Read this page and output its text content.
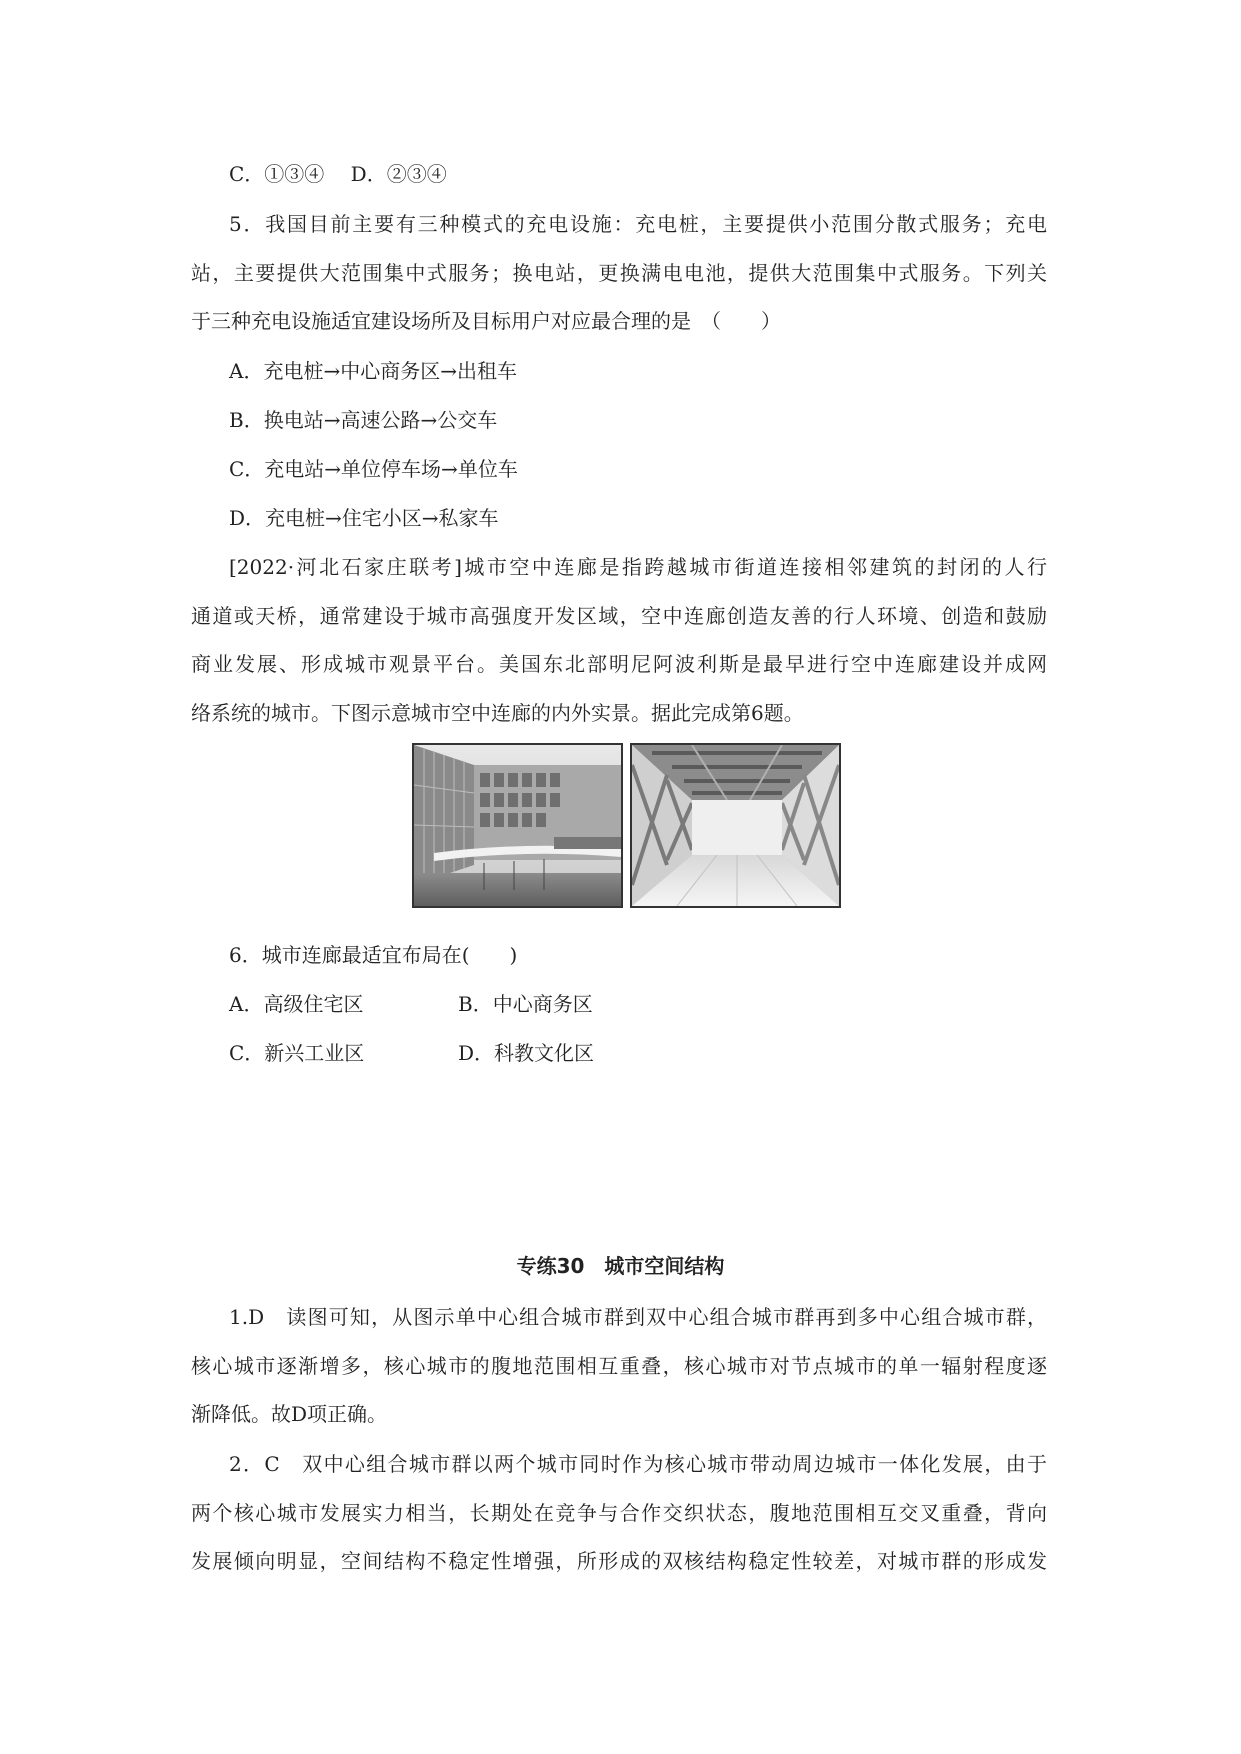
C．①③④　 D．②③④
5．我国目前主要有三种模式的充电设施：充电桩，主要提供小范围分散式服务；充电
站，主要提供大范围集中式服务；换电站，更换满电电池，提供大范围集中式服务。下列关
于三种充电设施适宜建设场所及目标用户对应最合理的是　（　　）
A．充电桩→中心商务区→出租车
B．换电站→高速公路→公交车
C．充电站→单位停车场→单位车
D．充电桩→住宅小区→私家车
[2022·河北石家庄联考]城市空中连廊是指跨越城市街道连接相邻建筑的封闭的人行
通道或天桥，通常建设于城市高强度开发区域，空中连廊创造友善的行人环境、创造和鼓励
商业发展、形成城市观景平台。美国东北部明尼阿波利斯是最早进行空中连廊建设并成网
络系统的城市。下图示意城市空中连廊的内外实景。据此完成第6题。
6．城市连廊最适宜布局在(　　)
A．高级住宅区	B．中心商务区
C．新兴工业区	D．科教文化区
专练30　城市空间结构
1.D　读图可知，从图示单中心组合城市群到双中心组合城市群再到多中心组合城市群，
核心城市逐渐增多，核心城市的腹地范围相互重叠，核心城市对节点城市的单一辐射程度逐
渐降低。故D项正确。
2．C　双中心组合城市群以两个城市同时作为核心城市带动周边城市一体化发展，由于
两个核心城市发展实力相当，长期处在竞争与合作交织状态，腹地范围相互交叉重叠，背向
发展倾向明显，空间结构不稳定性增强，所形成的双核结构稳定性较差，对城市群的形成发
